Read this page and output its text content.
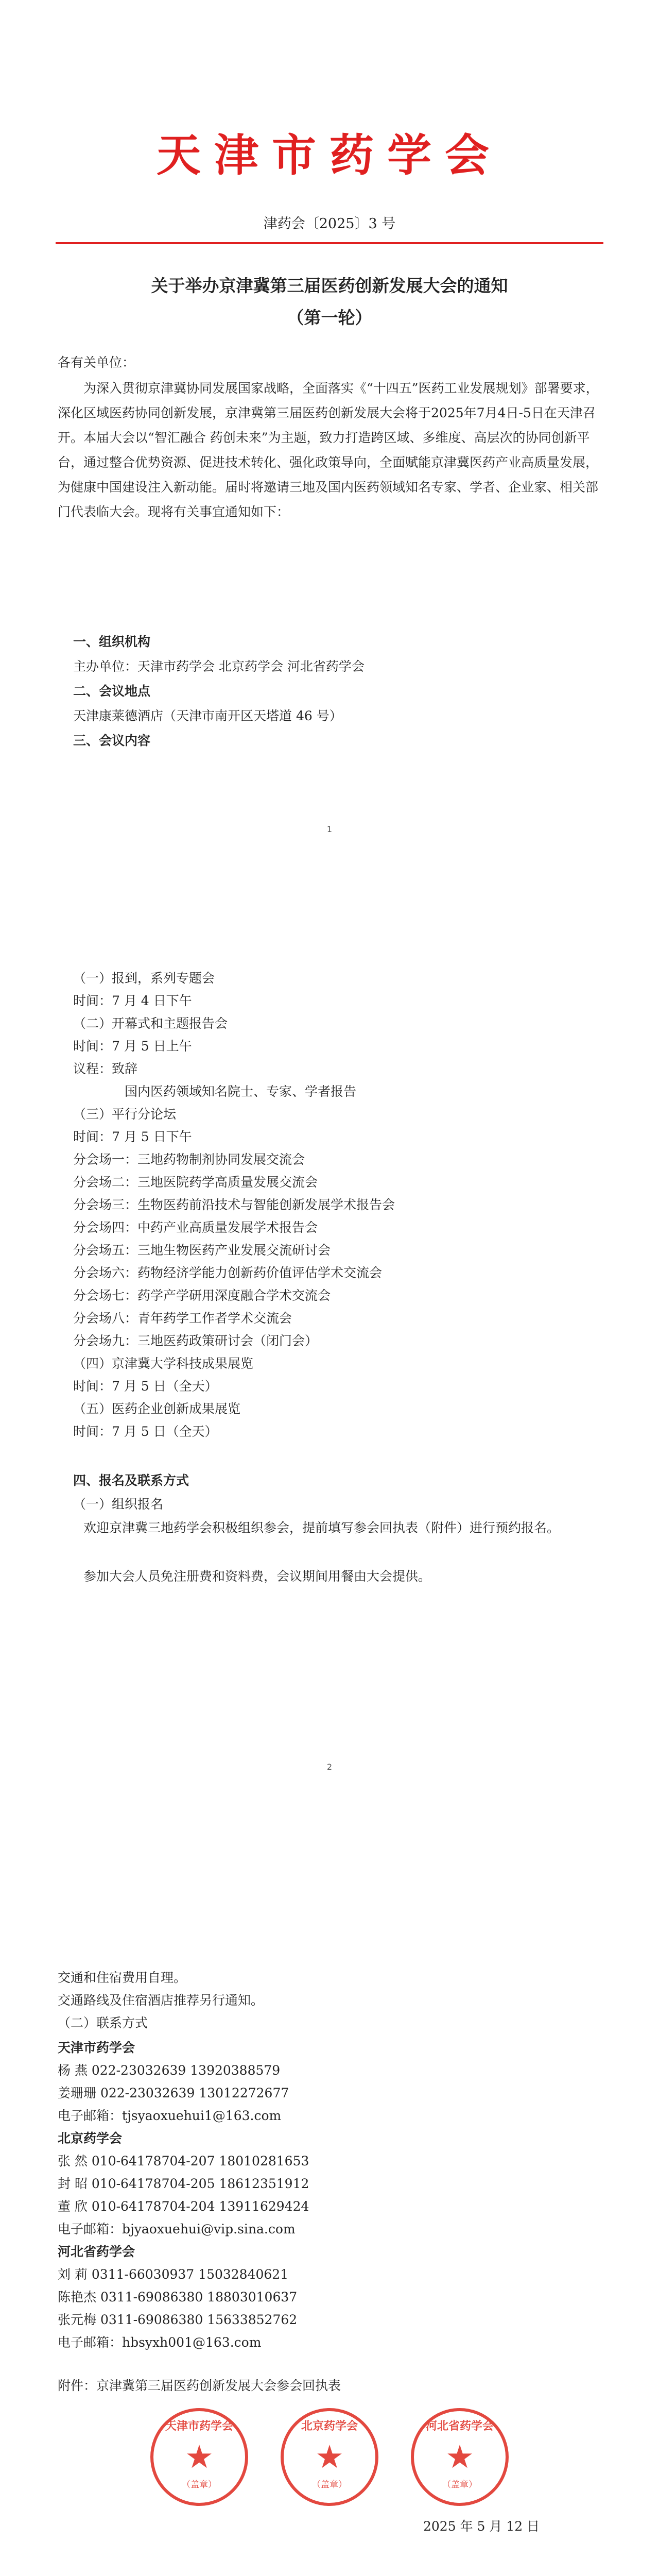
天津市药学会
津药会〔2025〕3 号
关于举办京津冀第三届医药创新发展大会的通知
（第一轮）
各有关单位：
为深入贯彻京津冀协同发展国家战略，全面落实《“十四五”医药工业发展规划》部署要求，深化区域医药协同创新发展，京津冀第三届医药创新发展大会将于2025年7月4日-5日在天津召开。本届大会以“智汇融合 药创未来”为主题，致力打造跨区域、多维度、高层次的协同创新平台，通过整合优势资源、促进技术转化、强化政策导向，全面赋能京津冀医药产业高质量发展，为健康中国建设注入新动能。届时将邀请三地及国内医药领域知名专家、学者、企业家、相关部门代表临大会。现将有关事宜通知如下：
一、组织机构
主办单位：天津市药学会 北京药学会 河北省药学会
二、会议地点
天津康莱德酒店（天津市南开区天塔道 46 号）
三、会议内容
1
（一）报到，系列专题会
时间：7 月 4 日下午
（二）开幕式和主题报告会
时间：7 月 5 日上午
议程：致辞
国内医药领域知名院士、专家、学者报告
（三）平行分论坛
时间：7 月 5 日下午
分会场一：三地药物制剂协同发展交流会
分会场二：三地医院药学高质量发展交流会
分会场三：生物医药前沿技术与智能创新发展学术报告会
分会场四：中药产业高质量发展学术报告会
分会场五：三地生物医药产业发展交流研讨会
分会场六：药物经济学能力创新药价值评估学术交流会
分会场七：药学产学研用深度融合学术交流会
分会场八：青年药学工作者学术交流会
分会场九：三地医药政策研讨会（闭门会）
（四）京津冀大学科技成果展览
时间：7 月 5 日（全天）
（五）医药企业创新成果展览
时间：7 月 5 日（全天）
四、报名及联系方式
（一）组织报名
欢迎京津冀三地药学会积极组织参会，提前填写参会回执表（附件）进行预约报名。
参加大会人员免注册费和资料费，会议期间用餐由大会提供。
2
交通和住宿费用自理。
交通路线及住宿酒店推荐另行通知。
（二）联系方式
天津市药学会
杨 燕 022-23032639 13920388579
姜珊珊 022-23032639 13012272677
电子邮箱：tjsyaoxuehui1@163.com
北京药学会
张 然 010-64178704-207 18010281653
封 昭 010-64178704-205 18612351912
董 欣 010-64178704-204 13911629424
电子邮箱：bjyaoxuehui@vip.sina.com
河北省药学会
刘 莉 0311-66030937 15032840621
陈艳杰 0311-69086380 18803010637
张元梅 0311-69086380 15633852762
电子邮箱：hbsyxh001@163.com
附件：京津冀第三届医药创新发展大会参会回执表
天津市药学会
★
（盖章）
北京药学会
★
（盖章）
河北省药学会
★
（盖章）
2025 年 5 月 12 日
